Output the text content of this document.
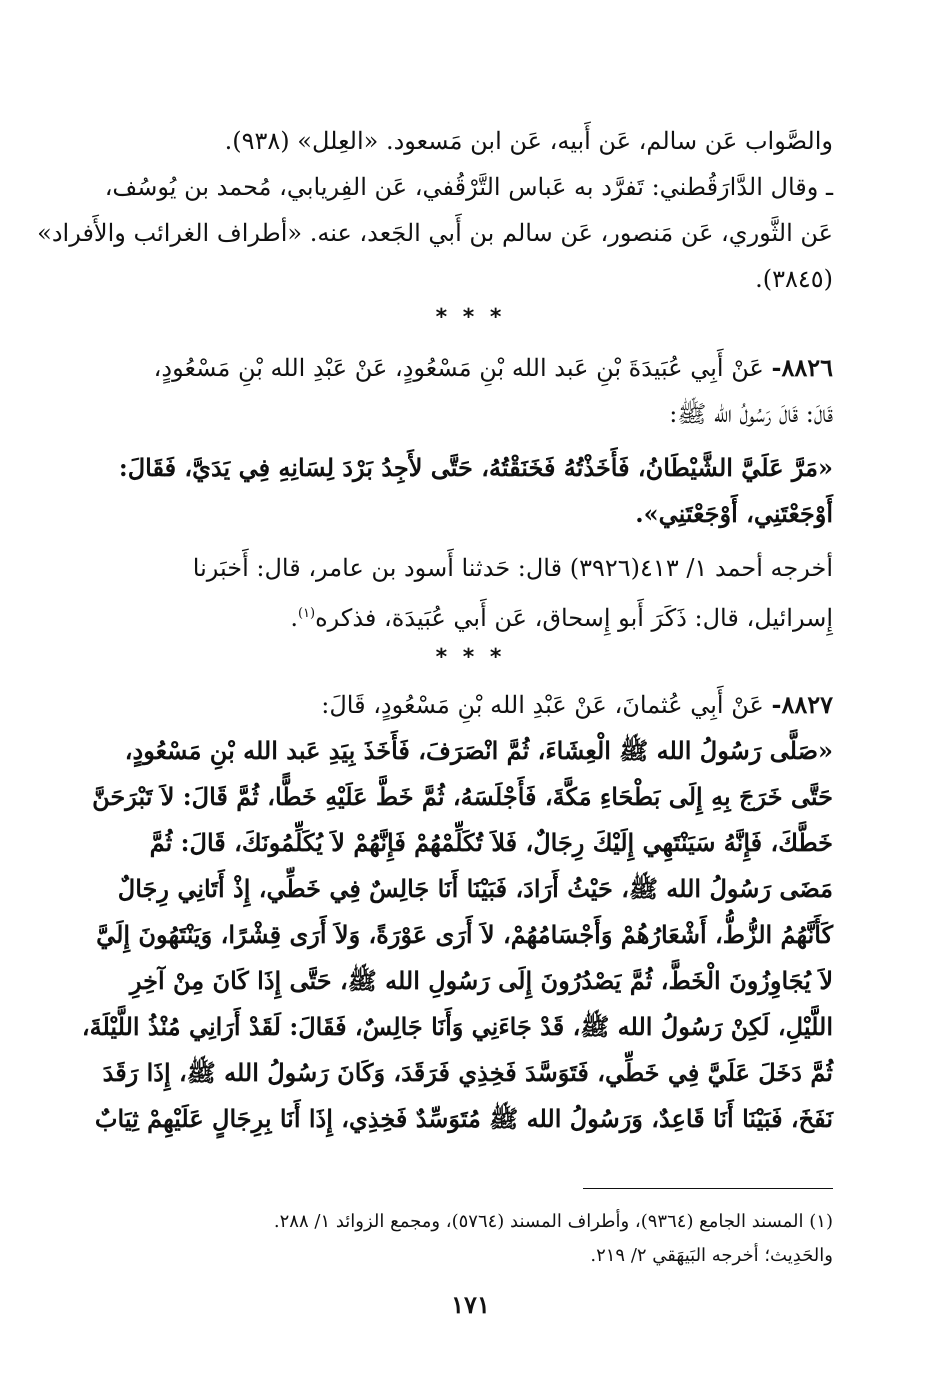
والصَّواب عَن سالم، عَن أَبيه، عَن ابن مَسعود. «العِلل» (٩٣٨).
ـ وقال الدَّارَقُطني: تَفرَّد به عَباس التَّرْقُفي، عَن الفِريابي، مُحمد بن يُوسُف،
عَن الثَّوري، عَن مَنصور، عَن سالم بن أَبي الجَعد، عنه. «أطراف الغرائب والأَفراد»
(٣٨٤٥).
* * *
٨٨٢٦- عَنْ أَبِي عُبَيدَةَ بْنِ عَبد الله بْنِ مَسْعُودٍ، عَنْ عَبْدِ الله بْنِ مَسْعُودٍ،
قَالَ: قَالَ رَسُولُ الله ﷺ:
«مَرَّ عَلَيَّ الشَّيْطَانُ، فَأَخَذْتُهُ فَخَنَقْتُهُ، حَتَّى لأَجِدُ بَرْدَ لِسَانِهِ فِي يَدَيَّ، فَقَالَ:
أَوْجَعْتَنِي، أَوْجَعْتَنِي».
أخرجه أحمد ١/ ٤١٣(٣٩٢٦) قال: حَدثنا أَسود بن عامر، قال: أَخبَرنا
إِسرائيل، قال: ذَكَرَ أَبو إِسحاق، عَن أَبي عُبَيدَة، فذكره$^{(١)}$.
* * *
٨٨٢٧- عَنْ أَبِي عُثمانَ، عَنْ عَبْدِ الله بْنِ مَسْعُودٍ، قَالَ:
«صَلَّى رَسُولُ الله ﷺ الْعِشَاءَ، ثُمَّ انْصَرَفَ، فَأَخَذَ بِيَدِ عَبد الله بْنِ مَسْعُودٍ،
حَتَّى خَرَجَ بِهِ إِلَى بَطْحَاءِ مَكَّةَ، فَأَجْلَسَهُ، ثُمَّ خَطَّ عَلَيْهِ خَطًّا، ثُمَّ قَالَ: لاَ تَبْرَحَنَّ
خَطَّكَ، فَإِنَّهُ سَيَنْتَهِي إِلَيْكَ رِجَالٌ، فَلاَ تُكَلِّمْهُمْ فَإِنَّهُمْ لاَ يُكَلِّمُونَكَ، قَالَ: ثُمَّ
مَضَى رَسُولُ الله ﷺ، حَيْثُ أَرَادَ، فَبَيْنَا أَنَا جَالِسٌ فِي خَطِّي، إِذْ أَتَانِي رِجَالٌ
كَأَنَّهُمُ الزُّطُّ، أَشْعَارُهُمْ وَأَجْسَامُهُمْ، لاَ أَرَى عَوْرَةً، وَلاَ أَرَى قِشْرًا، وَيَنْتَهُونَ إِلَيَّ
لاَ يُجَاوِزُونَ الْخَطَّ، ثُمَّ يَصْدُرُونَ إِلَى رَسُولِ الله ﷺ، حَتَّى إِذَا كَانَ مِنْ آخِرِ
اللَّيْلِ، لَكِنْ رَسُولُ الله ﷺ، قَدْ جَاءَنِي وَأَنَا جَالِسٌ، فَقَالَ: لَقَدْ أَرَانِي مُنْذُ اللَّيْلَةَ،
ثُمَّ دَخَلَ عَلَيَّ فِي خَطِّي، فَتَوَسَّدَ فَخِذِي فَرَقَدَ، وَكَانَ رَسُولُ الله ﷺ، إِذَا رَقَدَ
نَفَخَ، فَبَيْنَا أَنَا قَاعِدٌ، وَرَسُولُ الله ﷺ مُتَوَسِّدٌ فَخِذِي، إِذَا أَنَا بِرِجَالٍ عَلَيْهِمْ ثِيَابٌ
(١) المسند الجامع (٩٣٦٤)، وأطراف المسند (٥٧٦٤)، ومجمع الزوائد ١/ ٢٨٨.
والحَدِيث؛ أخرجه البَيهَقي ٢/ ٢١٩.
١٧١
